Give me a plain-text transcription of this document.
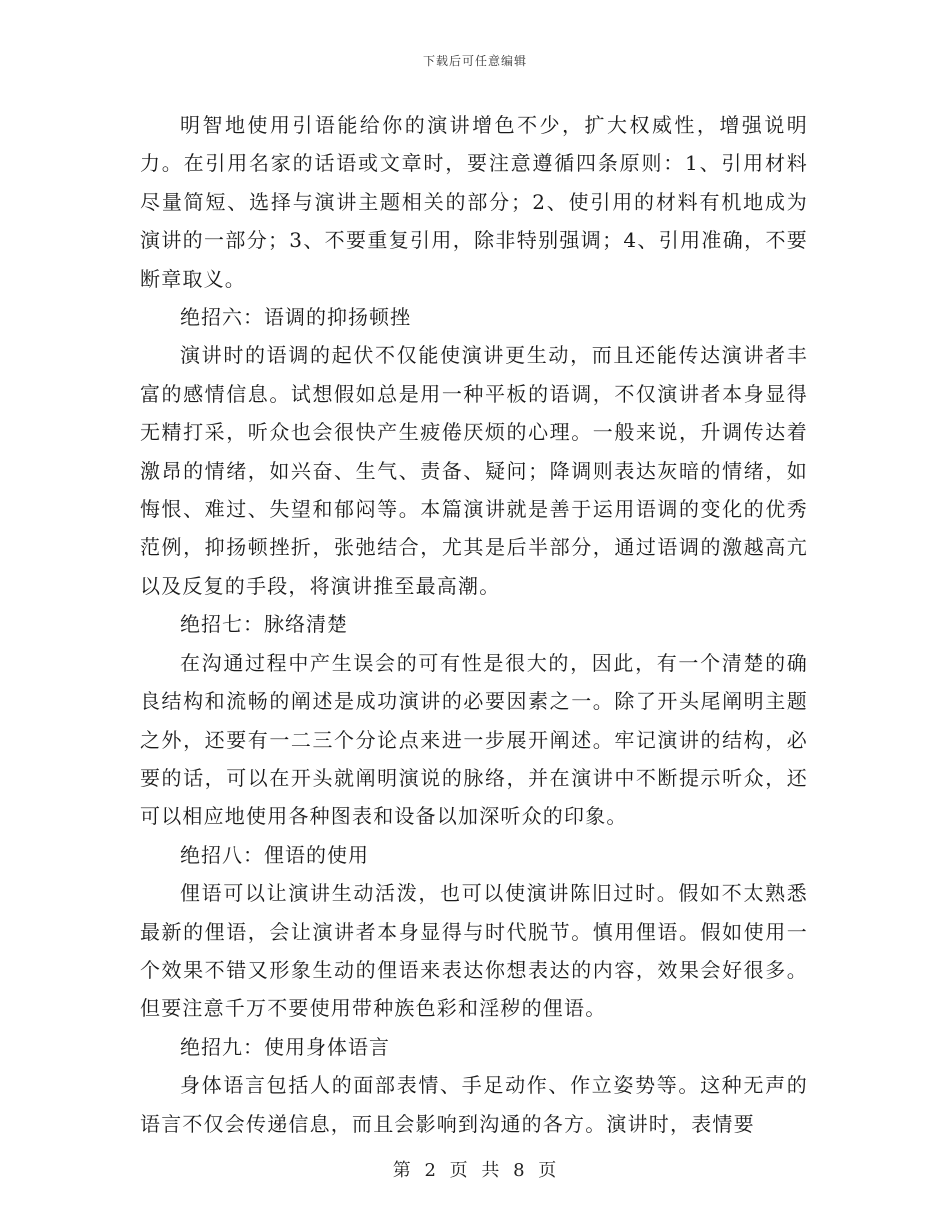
下载后可任意编辑

明智地使用引语能给你的演讲增色不少，扩大权威性，增强说明力。在引用名家的话语或文章时，要注意遵循四条原则：1、引用材料尽量简短、选择与演讲主题相关的部分；2、使引用的材料有机地成为演讲的一部分；3、不要重复引用，除非特别强调；4、引用准确，不要断章取义。

绝招六：语调的抑扬顿挫

演讲时的语调的起伏不仅能使演讲更生动，而且还能传达演讲者丰富的感情信息。试想假如总是用一种平板的语调，不仅演讲者本身显得无精打采，听众也会很快产生疲倦厌烦的心理。一般来说，升调传达着激昂的情绪，如兴奋、生气、责备、疑问；降调则表达灰暗的情绪，如悔恨、难过、失望和郁闷等。本篇演讲就是善于运用语调的变化的优秀范例，抑扬顿挫折，张弛结合，尤其是后半部分，通过语调的激越高亢以及反复的手段，将演讲推至最高潮。

绝招七：脉络清楚

在沟通过程中产生误会的可有性是很大的，因此，有一个清楚的确良结构和流畅的阐述是成功演讲的必要因素之一。除了开头尾阐明主题之外，还要有一二三个分论点来进一步展开阐述。牢记演讲的结构，必要的话，可以在开头就阐明演说的脉络，并在演讲中不断提示听众，还可以相应地使用各种图表和设备以加深听众的印象。

绝招八：俚语的使用

俚语可以让演讲生动活泼，也可以使演讲陈旧过时。假如不太熟悉最新的俚语，会让演讲者本身显得与时代脱节。慎用俚语。假如使用一个效果不错又形象生动的俚语来表达你想表达的内容，效果会好很多。但要注意千万不要使用带种族色彩和淫秽的俚语。

绝招九：使用身体语言

身体语言包括人的面部表情、手足动作、作立姿势等。这种无声的语言不仅会传递信息，而且会影响到沟通的各方。演讲时，表情要

第 2 页 共 8 页
